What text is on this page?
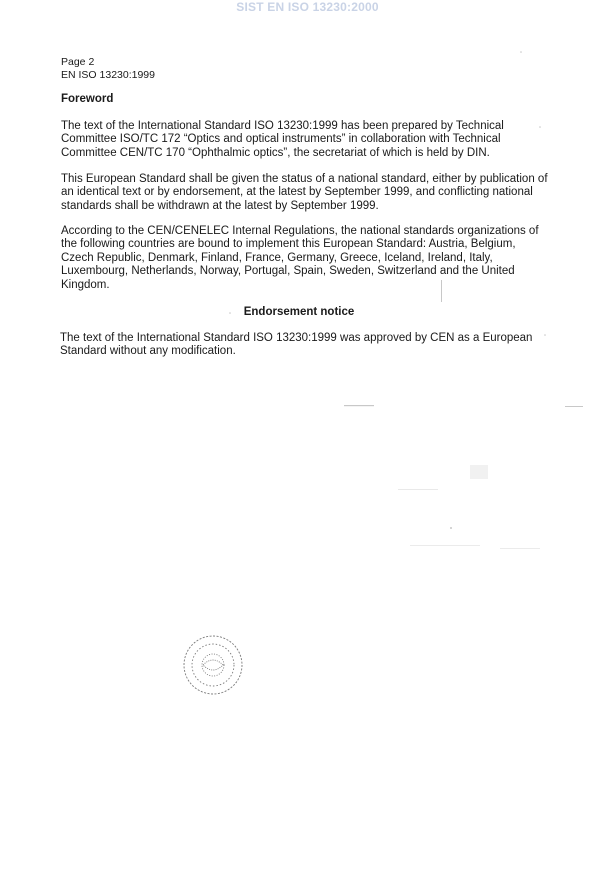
SIST EN ISO 13230:2000
Page 2
EN ISO 13230:1999
Foreword

The text of the International Standard ISO 13230:1999 has been prepared by Technical Committee ISO/TC 172 “Optics and optical instruments” in collaboration with Technical Committee CEN/TC 170 “Ophthalmic optics”, the secretariat of which is held by DIN.

This European Standard shall be given the status of a national standard, either by publication of an identical text or by endorsement, at the latest by September 1999, and conflicting national standards shall be withdrawn at the latest by September 1999.

According to the CEN/CENELEC Internal Regulations, the national standards organizations of the following countries are bound to implement this European Standard: Austria, Belgium, Czech Republic, Denmark, Finland, France, Germany, Greece, Iceland, Ireland, Italy, Luxembourg, Netherlands, Norway, Portugal, Spain, Sweden, Switzerland and the United Kingdom.

Endorsement notice

The text of the International Standard ISO 13230:1999 was approved by CEN as a European Standard without any modification.
